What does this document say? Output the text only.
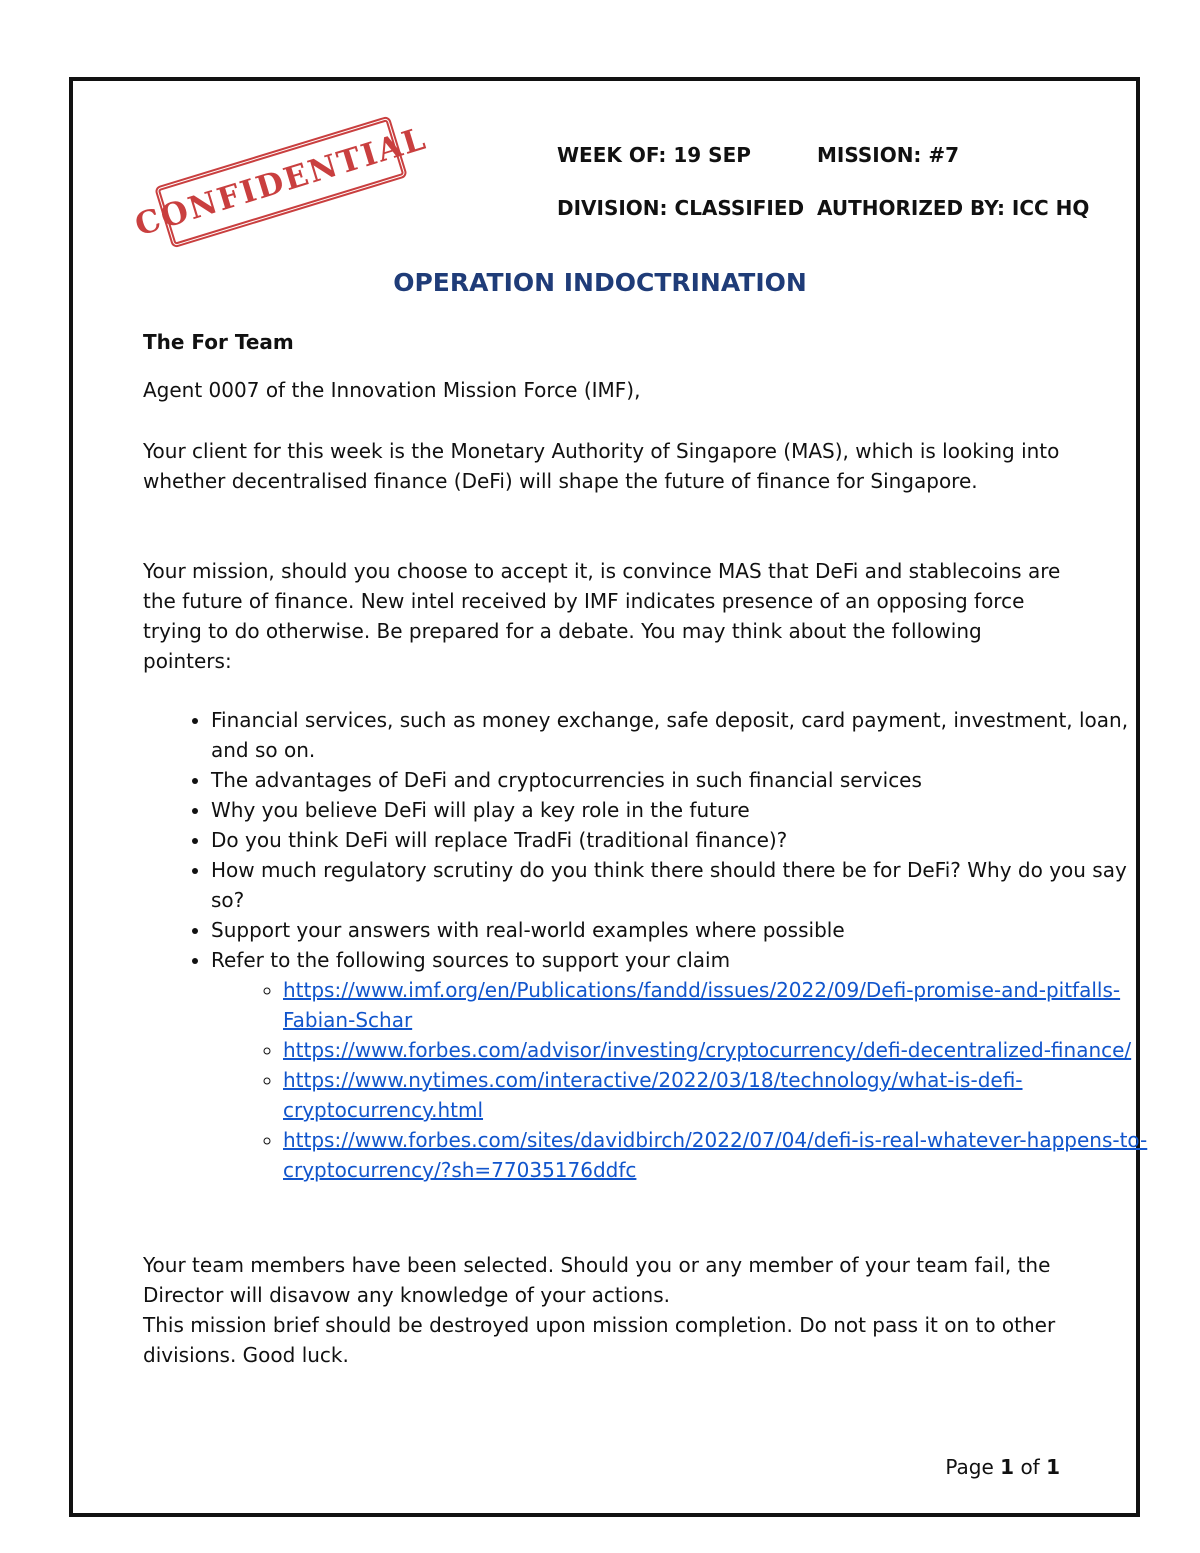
CONFIDENTIAL	WEEK OF: 19 SEP	MISSION: #7
DIVISION: CLASSIFIED AUTHORIZED BY: ICC HQ
OPERATION INDOCTRINATION
The For Team
Agent 0007 of the Innovation Mission Force (IMF),
Your client for this week is the Monetary Authority of Singapore (MAS), which is looking into whether decentralised finance (DeFi) will shape the future of finance for Singapore.
Your mission, should you choose to accept it, is convince MAS that DeFi and stablecoins are the future of finance. New intel received by IMF indicates presence of an opposing force trying to do otherwise. Be prepared for a debate. You may think about the following pointers:
• Financial services, such as money exchange, safe deposit, card payment, investment, loan, and so on.
• The advantages of DeFi and cryptocurrencies in such financial services
• Why you believe DeFi will play a key role in the future
• Do you think DeFi will replace TradFi (traditional finance)?
• How much regulatory scrutiny do you think there should there be for DeFi? Why do you say so?
• Support your answers with real-world examples where possible
• Refer to the following sources to support your claim
◦ https://www.imf.org/en/Publications/fandd/issues/2022/09/Defi-promise-and-pitfalls-Fabian-Schar
◦ https://www.forbes.com/advisor/investing/cryptocurrency/defi-decentralized-finance/
◦ https://www.nytimes.com/interactive/2022/03/18/technology/what-is-defi-cryptocurrency.html
◦ https://www.forbes.com/sites/davidbirch/2022/07/04/defi-is-real-whatever-happens-to-cryptocurrency/?sh=77035176ddfc
Your team members have been selected. Should you or any member of your team fail, the Director will disavow any knowledge of your actions.
This mission brief should be destroyed upon mission completion. Do not pass it on to other divisions. Good luck.
Page 1 of 1
